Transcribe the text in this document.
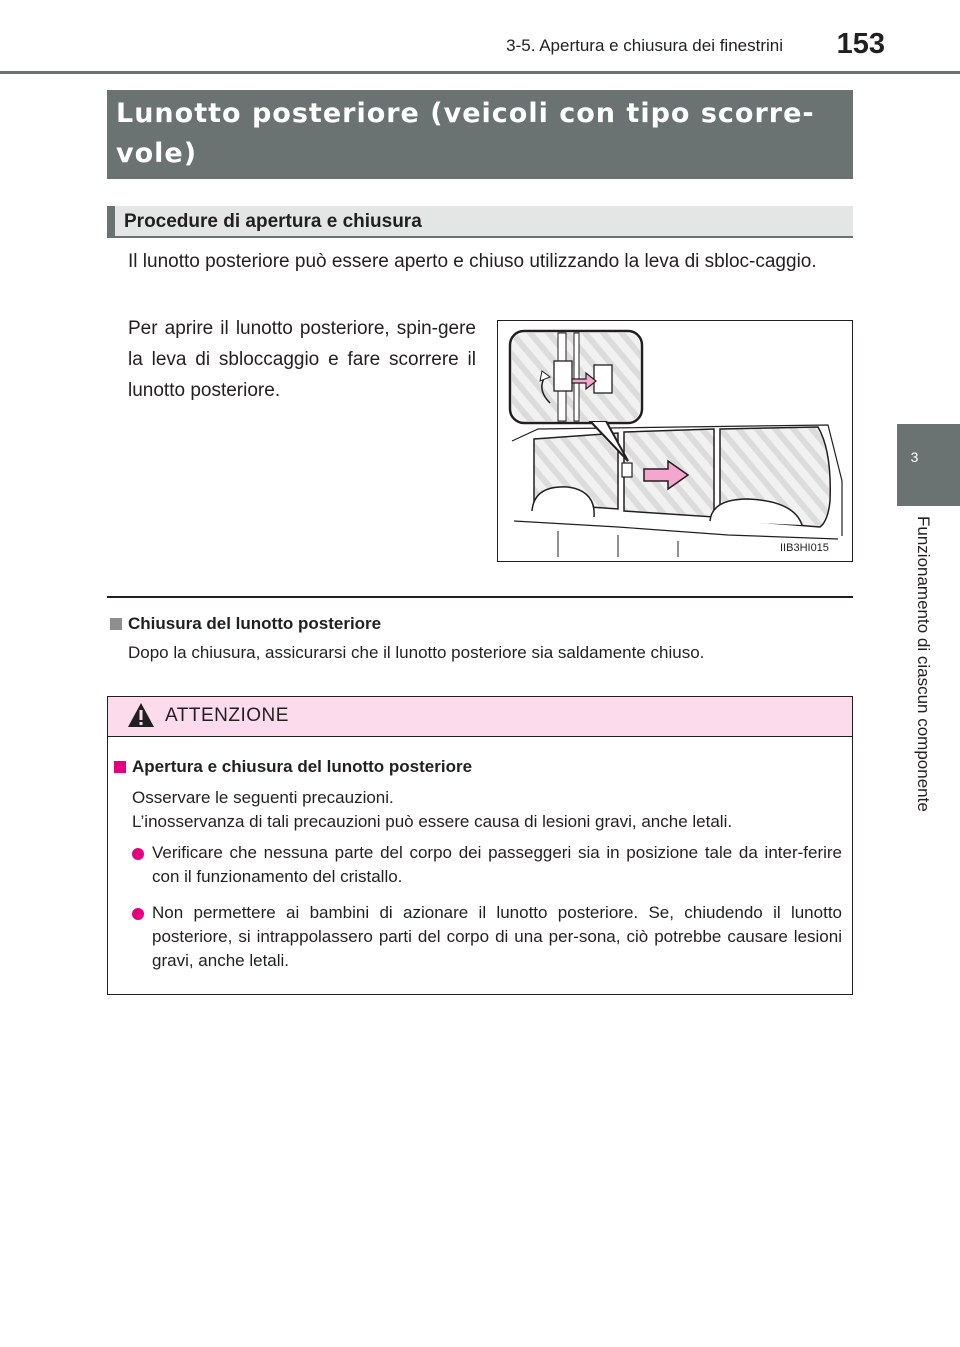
3-5. Apertura e chiusura dei finestrini	153
3
Funzionamento di ciascun componente
Lunotto posteriore (veicoli con tipo scorre-vole)
Procedure di apertura e chiusura
Il lunotto posteriore può essere aperto e chiuso utilizzando la leva di sbloc-caggio.
Per aprire il lunotto posteriore, spin-gere la leva di sbloccaggio e fare scorrere il lunotto posteriore.
IIB3HI015
Chiusura del lunotto posteriore
Dopo la chiusura, assicurarsi che il lunotto posteriore sia saldamente chiuso.
ATTENZIONE
Apertura e chiusura del lunotto posteriore
Osservare le seguenti precauzioni.
L’inosservanza di tali precauzioni può essere causa di lesioni gravi, anche letali.
Verificare che nessuna parte del corpo dei passeggeri sia in posizione tale da inter-ferire con il funzionamento del cristallo.
Non permettere ai bambini di azionare il lunotto posteriore. Se, chiudendo il lunotto posteriore, si intrappolassero parti del corpo di una per-sona, ciò potrebbe causare lesioni gravi, anche letali.
